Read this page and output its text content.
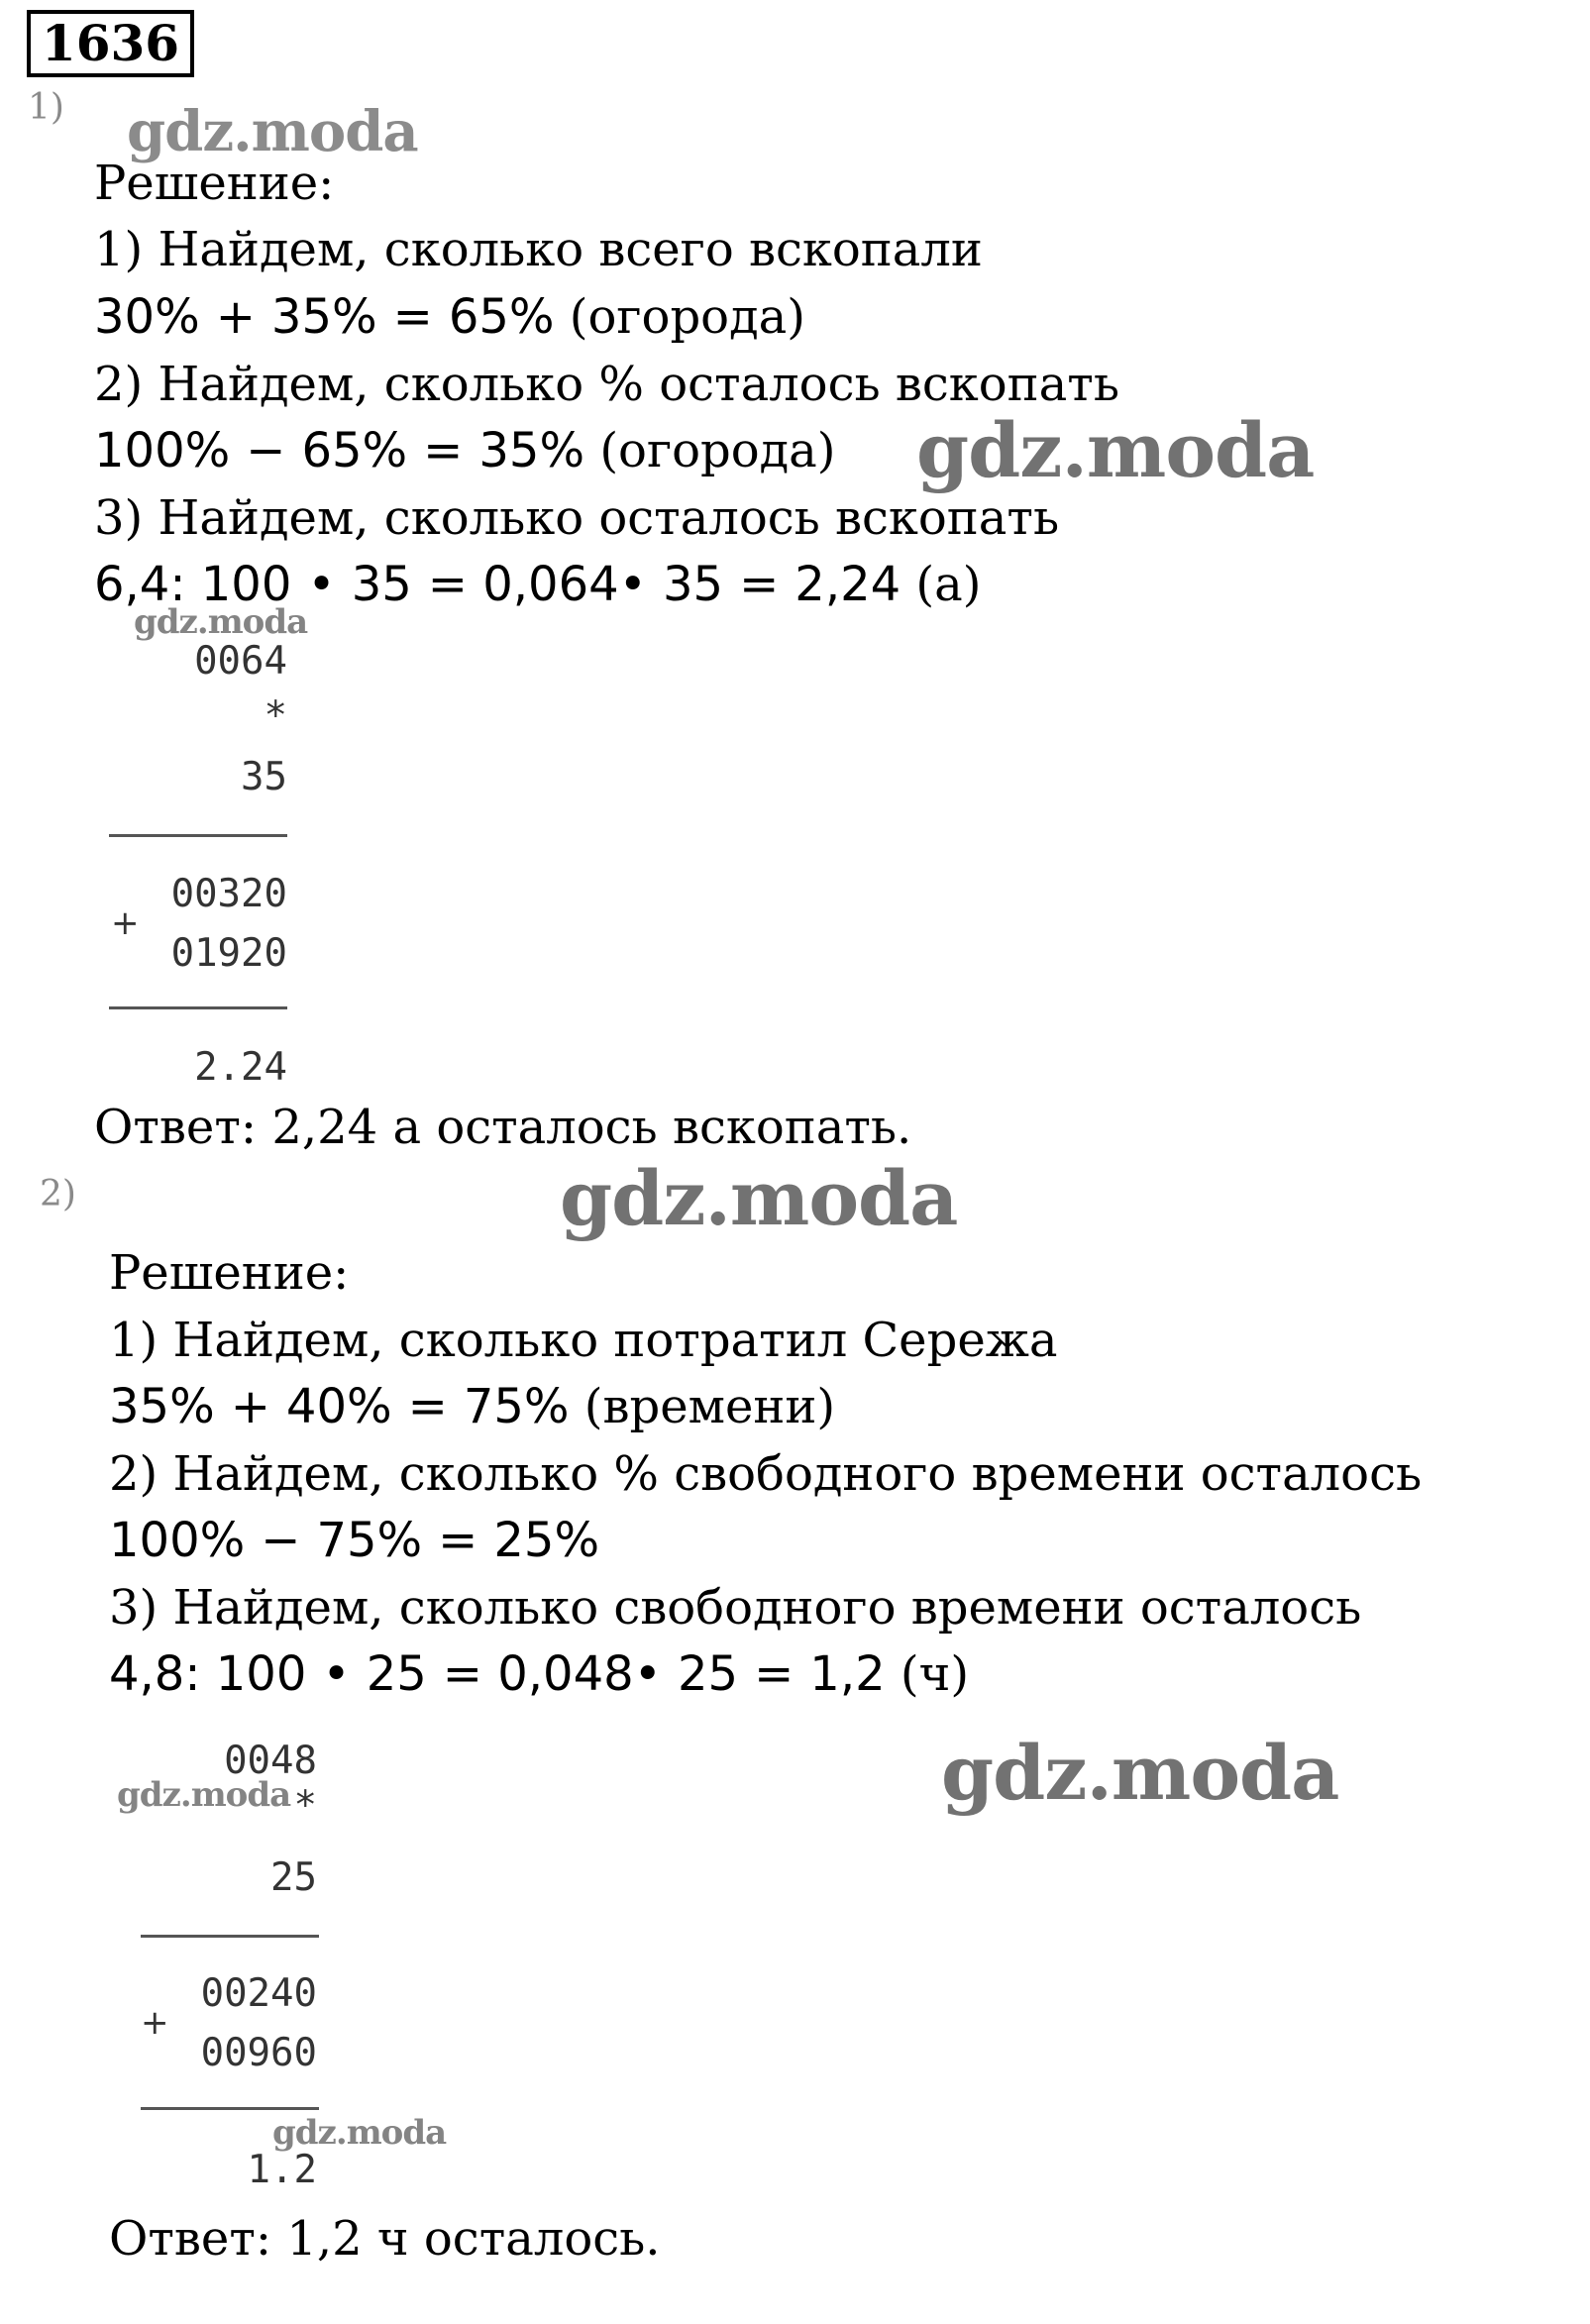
1636
1) gdz.moda
Решение:
1) Найдем, сколько всего вскопали
30% + 35% = 65% (огорода)
2) Найдем, сколько % осталось вскопать
100% − 65% = 35% (огорода) gdz.moda
3) Найдем, сколько осталось вскопать
6,4: 100 • 35 = 0,064• 35 = 2,24 (а)
gdz.moda
0064
*
35
00320
+
01920
2.24
Ответ: 2,24 а осталось вскопать.
2)	gdz.moda
Решение:
1) Найдем, сколько потратил Сережа
35% + 40% = 75% (времени)
2) Найдем, сколько % свободного времени осталось
100% − 75% = 25%
3) Найдем, сколько свободного времени осталось
4,8: 100 • 25 = 0,048• 25 = 1,2 (ч)
0048
gdz.moda *	gdz.moda
25
00240
+
00960
gdz.moda
1.2
Ответ: 1,2 ч осталось.
